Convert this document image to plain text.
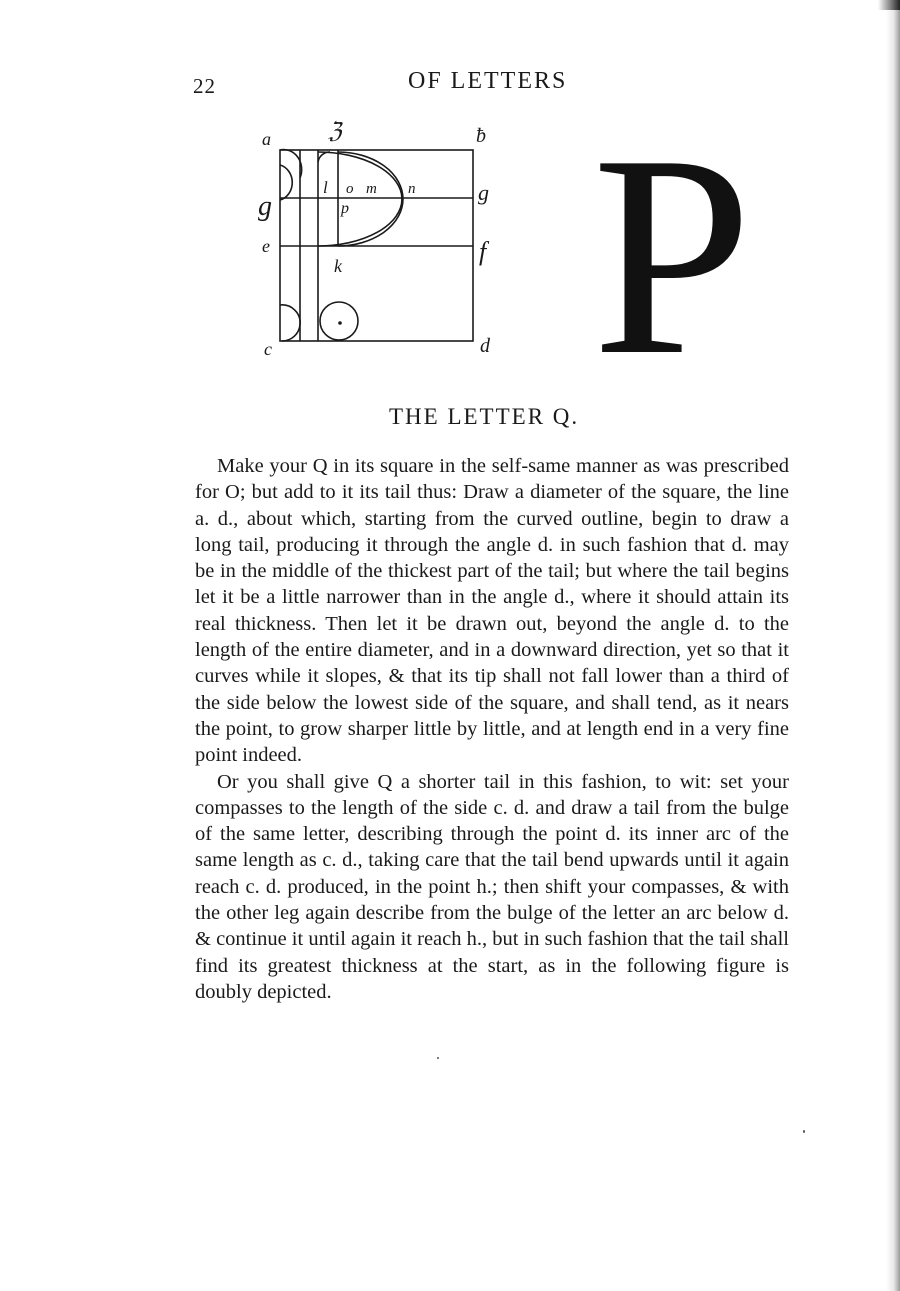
22	OF LETTERS
a	ℨ	ƀ
g	g
e	f
c	d
l o m n
p
k P
THE LETTER Q.

Make your Q in its square in the self-same manner as was prescribed for O; but add to it its tail thus: Draw a diameter of the square, the line a. d., about which, starting from the curved outline, begin to draw a long tail, producing it through the angle d. in such fashion that d. may be in the middle of the thickest part of the tail; but where the tail begins let it be a little narrower than in the angle d., where it should attain its real thickness. Then let it be drawn out, beyond the angle d. to the length of the entire diameter, and in a downward direction, yet so that it curves while it slopes, & that its tip shall not fall lower than a third of the side below the lowest side of the square, and shall tend, as it nears the point, to grow sharper little by little, and at length end in a very fine point indeed.

Or you shall give Q a shorter tail in this fashion, to wit: set your compasses to the length of the side c. d. and draw a tail from the bulge of the same letter, describing through the point d. its inner arc of the same length as c. d., taking care that the tail bend upwards until it again reach c. d. produced, in the point h.; then shift your compasses, & with the other leg again describe from the bulge of the letter an arc below d. & continue it until again it reach h., but in such fashion that the tail shall find its greatest thickness at the start, as in the following figure is doubly depicted.
